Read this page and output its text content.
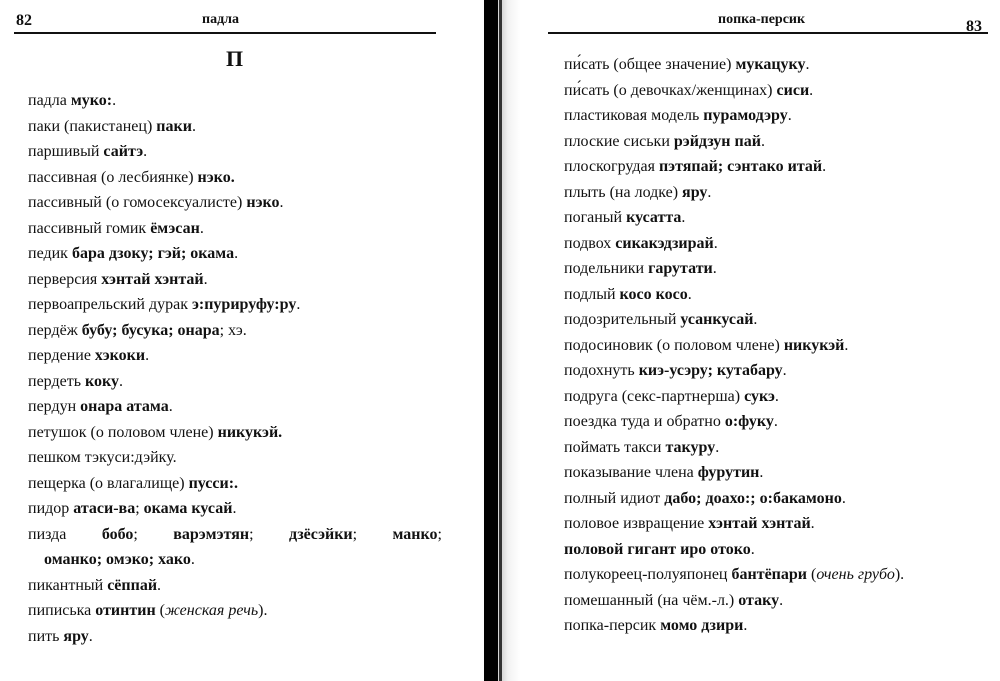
82	падла
П
падла муко:.
паки (пакистанец) паки.
паршивый сайтэ.
пассивная (о лесбиянке) нэко.
пассивный (о гомосексуалисте) нэко.
пассивный гомик ёмэсан.
педик бара дзоку; гэй; окама.
перверсия хэнтай хэнтай.
первоапрельский дурак э:пурируфу:ру.
пердёж бубу; бусука; онара; хэ.
пердение хэкоки.
пердеть коку.
пердун онара атама.
петушок (о половом члене) никукэй.
пешком тэкуси:дэйку.
пещерка (о влагалище) пусси:.
пидор атаси-ва; окама кусай.
пизда бобо; варэмэтян; дзёсэйки; манко;
оманко; омэко; хако.
пикантный сёппай.
пиписька отинтин (женская речь).
пить яру.
попка-персик	83
пи́сать (общее значение) мукацуку.
пи́сать (о девочках/женщинах) сиси.
пластиковая модель пурамодэру.
плоские сиськи рэйдзун пай.
плоскогрудая пэтяпай; сэнтако итай.
плыть (на лодке) яру.
поганый кусатта.
подвох сикакэдзирай.
подельники гарутати.
подлый косо косо.
подозрительный усанкусай.
подосиновик (о половом члене) никукэй.
подохнуть киэ-усэру; кутабару.
подруга (секс-партнерша) сукэ.
поездка туда и обратно о:фуку.
поймать такси такуру.
показывание члена фурутин.
полный идиот дабо; доахо:; о:бакамоно.
половое извращение хэнтай хэнтай.
половой гигант иро отоко.
полукореец-полуяпонец бантёпари (очень грубо).
помешанный (на чём.-л.) отаку.
попка-персик момо дзири.
